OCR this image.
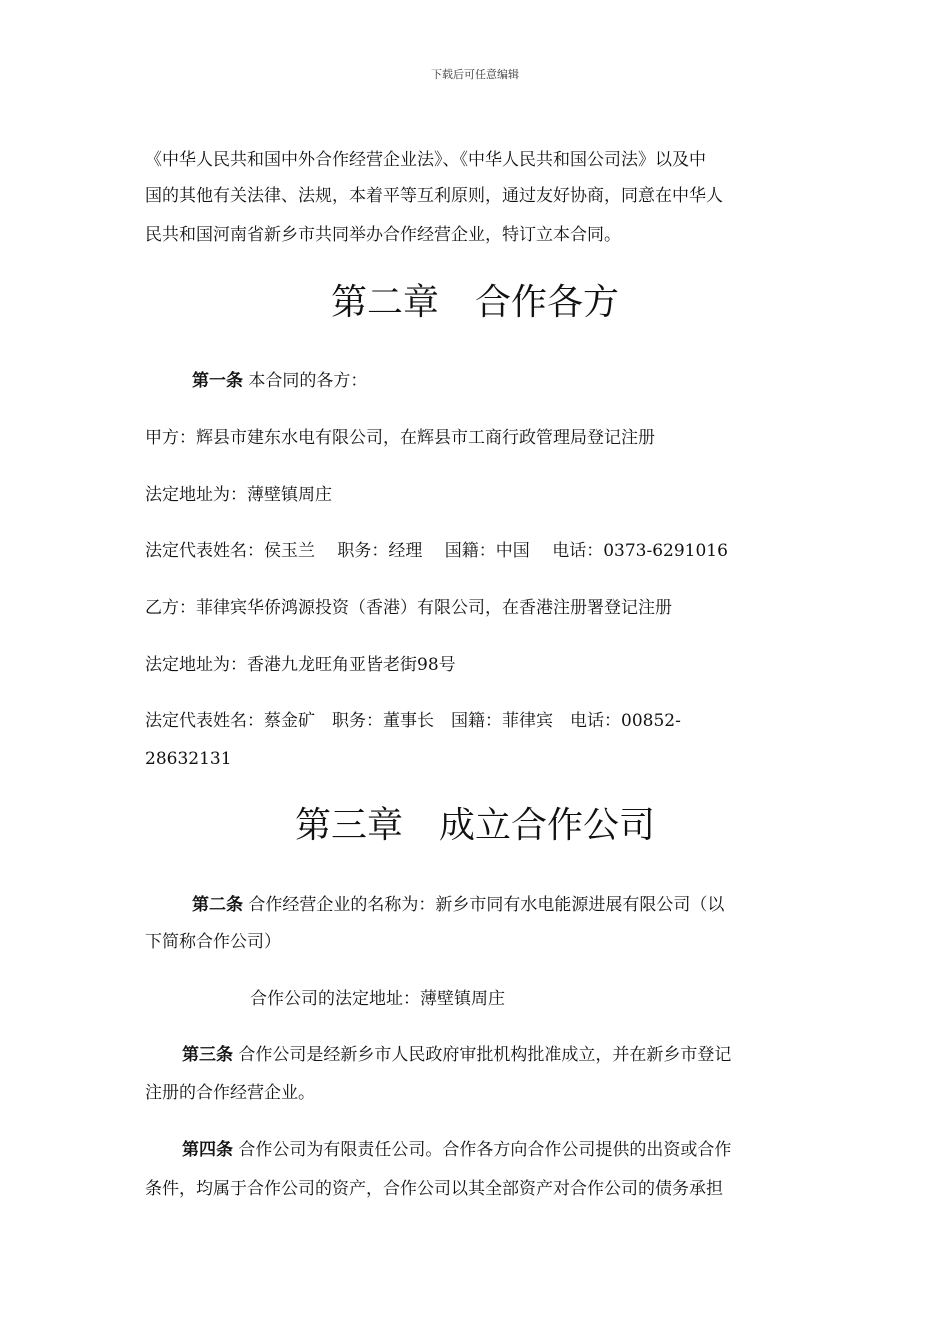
下载后可任意编辑
《中华人民共和国中外合作经营企业法》、《中华人民共和国公司法》以及中
国的其他有关法律、法规，本着平等互利原则，通过友好协商，同意在中华人
民共和国河南省新乡市共同举办合作经营企业，特订立本合同。
第二章　合作各方
第一条 本合同的各方：
甲方：辉县市建东水电有限公司，在辉县市工商行政管理局登记注册
法定地址为：薄壁镇周庄
法定代表姓名：侯玉兰　 职务：经理　 国籍：中国　 电话：0373-6291016
乙方：菲律宾华侨鸿源投资（香港）有限公司，在香港注册署登记注册
法定地址为：香港九龙旺角亚皆老街98号
法定代表姓名：蔡金矿　职务：董事长　国籍：菲律宾　电话：00852-
28632131
第三章　成立合作公司
第二条 合作经营企业的名称为：新乡市同有水电能源进展有限公司（以
下简称合作公司）
合作公司的法定地址：薄壁镇周庄
第三条 合作公司是经新乡市人民政府审批机构批准成立，并在新乡市登记
注册的合作经营企业。
第四条 合作公司为有限责任公司。合作各方向合作公司提供的出资或合作
条件，均属于合作公司的资产，合作公司以其全部资产对合作公司的债务承担
